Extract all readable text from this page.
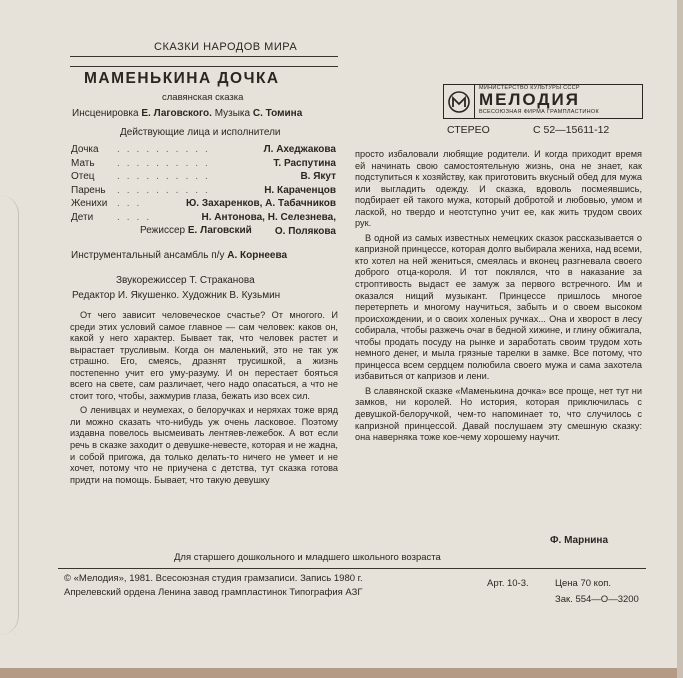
СКАЗКИ НАРОДОВ МИРА
МАМЕНЬКИНА ДОЧКА
славянская сказка
Инсценировка Е. Лаговского. Музыка С. Томина
Действующие лица и исполнители
Дочка	..........	Л. Ахеджакова
Мать	..........	Т. Распутина
Отец	..........	В. Якут
Парень	..........	Н. Караченцов
Женихи ...	Ю. Захаренков, А. Табачников
Дети	....	Н. Антонова, Н. Селезнева,
О. Полякова
Режиссер Е. Лаговский
Инструментальный ансамбль п/у А. Корнеева
Звукорежиссер Т. Стракaнова
Редактор И. Якушенко. Художник В. Кузьмин
МИНИСТЕРСТВО КУЛЬТУРЫ СССР
МЕЛОДИЯ
ВСЕСОЮЗНАЯ ФИРМА ГРАМПЛАСТИНОК
СТЕРЕО	С 52—15611-12

От чего зависит человеческое счастье? От многого. И среди этих условий самое главное — сам человек: каков он, какой у него характер. Бывает так, что человек растет и вырастает трусливым. Когда он маленький, это не так уж страшно. Его, смеясь, дразнят трусишкой, а жизнь постепенно учит его уму-разуму. И он перестает бояться всего на свете, сам различает, чего надо опасаться, а что не стоит того, чтобы, зажмурив глаза, бежать изо всех сил.

О ленивцах и неумехах, о белоручках и неряхах тоже вряд ли можно сказать что-нибудь уж очень ласковое. Поэтому издавна повелось высмеивать лентяев-лежебок. А вот если речь в сказке заходит о девушке-невесте, которая и не жадна, и собой пригожа, да только делать-то ничего не умеет и не хочет, потому что не приучена с детства, тут сказка готова придти на помощь. Бывает, что такую девушку

просто избаловали любящие родители. И когда приходит время ей начинать свою самостоятельную жизнь, она не знает, как подступиться к хозяйству, как приготовить вкусный обед для мужа или выгладить одежду. И сказка, вдоволь посмеявшись, подбирает ей такого мужа, который добротой и любовью, умом и лаской, но твердо и неотступно учит ее, как жить трудом своих рук.

В одной из самых известных немецких сказок рассказывается о капризной принцессе, которая долго выбирала жениха, над всеми, кто хотел на ней жениться, смеялась и вконец разгневала своего доброго отца-короля. И тот поклялся, что в наказание за строптивость выдаст ее замуж за первого встречного. Им и оказался нищий музыкант. Принцессе пришлось многое перетерпеть и многому научиться, забыть и о своем высоком происхождении, и о своих холеных ручках... Она и хворост в лесу собирала, чтобы разжечь очаг в бедной хижине, и глину обжигала, чтобы продать посуду на рынке и заработать своим трудом хоть немного денег, и мыла грязные тарелки в замке. Все потому, что принцесса всем сердцем полюбила своего мужа и сама захотела избавиться от капризов и лени.

В славянской сказке «Маменькина дочка» все проще, нет тут ни замков, ни королей. Но история, которая приключилась с девушкой-белоручкой, чем-то напоминает то, что случилось с капризной принцессой. Давай послушаем эту смешную сказку: она наверняка тоже кое-чему хорошему научит.

Ф. Марнина
Для старшего дошкольного и младшего школьного возраста
© «Мелодия», 1981. Всесоюзная студия грамзаписи. Запись 1980 г.
Апрелевский ордена Ленина завод грампластинок Типография АЗГ
Арт. 10-3.	Цена 70 коп.
Зак. 554—О—3200
